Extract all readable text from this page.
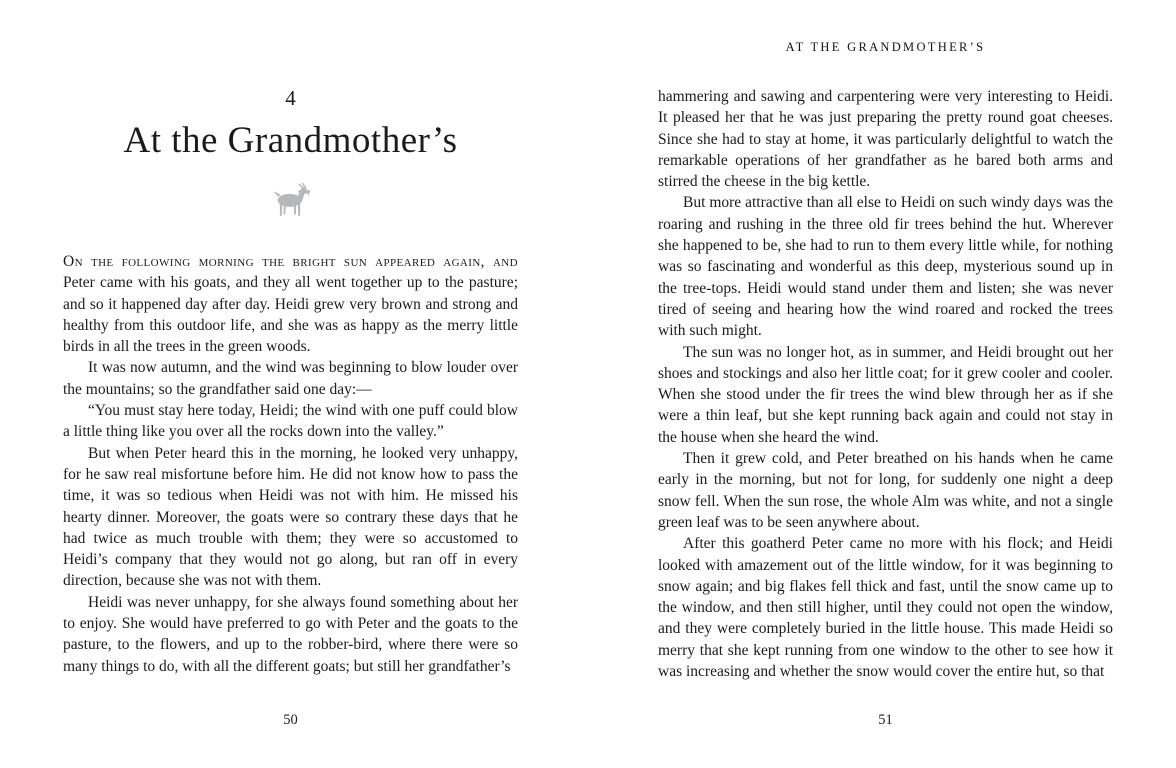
4

At the Grandmother’s

On the following morning the bright sun appeared again, and Peter came with his goats, and they all went together up to the pasture; and so it happened day after day. Heidi grew very brown and strong and healthy from this outdoor life, and she was as happy as the merry little birds in all the trees in the green woods.

It was now autumn, and the wind was beginning to blow louder over the mountains; so the grandfather said one day:—

“You must stay here today, Heidi; the wind with one puff could blow a little thing like you over all the rocks down into the valley.”

But when Peter heard this in the morning, he looked very unhappy, for he saw real misfortune before him. He did not know how to pass the time, it was so tedious when Heidi was not with him. He missed his hearty dinner. Moreover, the goats were so contrary these days that he had twice as much trouble with them; they were so accustomed to Heidi’s company that they would not go along, but ran off in every direction, because she was not with them.

Heidi was never unhappy, for she always found something about her to enjoy. She would have preferred to go with Peter and the goats to the pasture, to the flowers, and up to the robber-bird, where there were so many things to do, with all the different goats; but still her grandfather’s

50

AT THE GRANDMOTHER’S

hammering and sawing and carpentering were very interesting to Heidi. It pleased her that he was just preparing the pretty round goat cheeses. Since she had to stay at home, it was particularly delightful to watch the remarkable operations of her grandfather as he bared both arms and stirred the cheese in the big kettle.

But more attractive than all else to Heidi on such windy days was the roaring and rushing in the three old fir trees behind the hut. Wherever she happened to be, she had to run to them every little while, for nothing was so fascinating and wonderful as this deep, mysterious sound up in the tree-tops. Heidi would stand under them and listen; she was never tired of seeing and hearing how the wind roared and rocked the trees with such might.

The sun was no longer hot, as in summer, and Heidi brought out her shoes and stockings and also her little coat; for it grew cooler and cooler. When she stood under the fir trees the wind blew through her as if she were a thin leaf, but she kept running back again and could not stay in the house when she heard the wind.

Then it grew cold, and Peter breathed on his hands when he came early in the morning, but not for long, for suddenly one night a deep snow fell. When the sun rose, the whole Alm was white, and not a single green leaf was to be seen anywhere about.

After this goatherd Peter came no more with his flock; and Heidi looked with amazement out of the little window, for it was beginning to snow again; and big flakes fell thick and fast, until the snow came up to the window, and then still higher, until they could not open the window, and they were completely buried in the little house. This made Heidi so merry that she kept running from one window to the other to see how it was increasing and whether the snow would cover the entire hut, so that

51
